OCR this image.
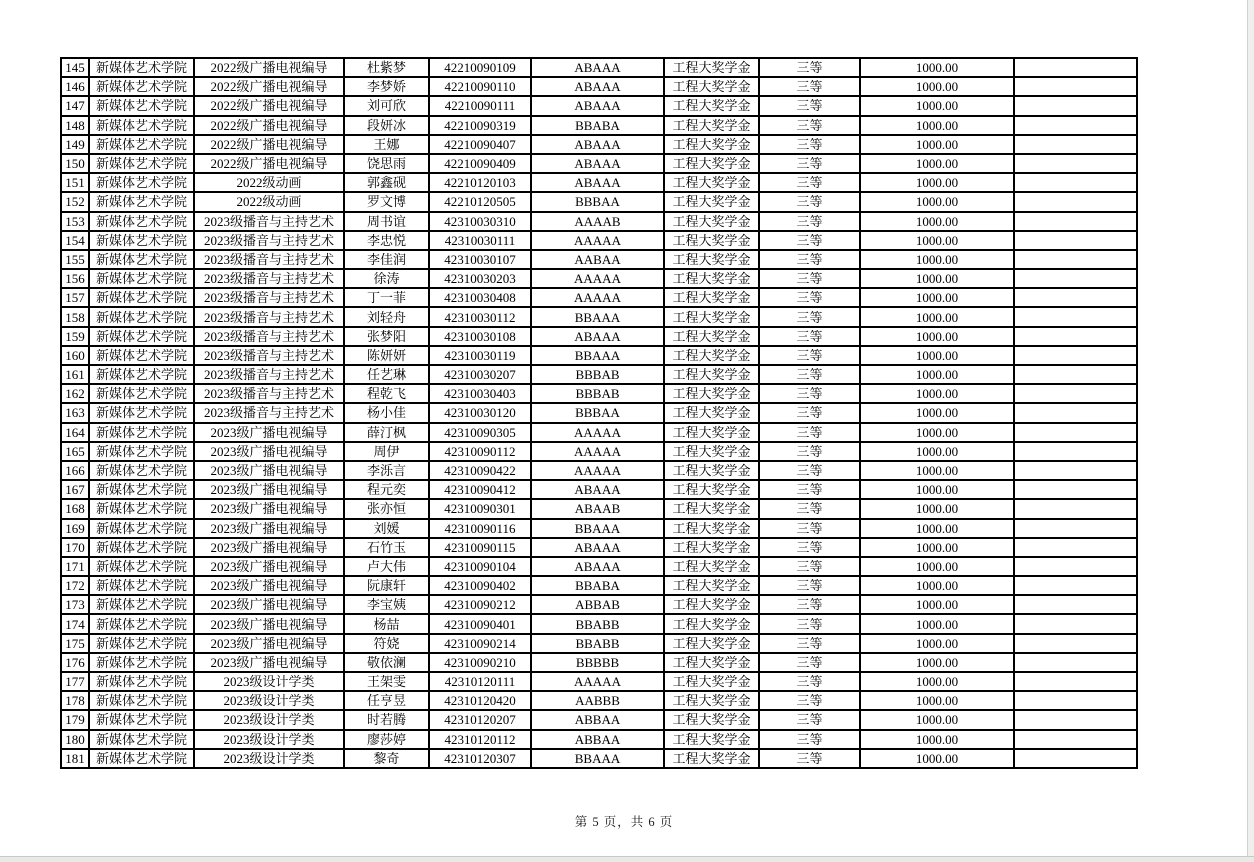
145	新媒体艺术学院	2022级广播电视编导	杜紫梦	42210090109	ABAAA	工程大奖学金	三等	1000.00	
146	新媒体艺术学院	2022级广播电视编导	李梦娇	42210090110	ABAAA	工程大奖学金	三等	1000.00	
147	新媒体艺术学院	2022级广播电视编导	刘可欣	42210090111	ABAAA	工程大奖学金	三等	1000.00	
148	新媒体艺术学院	2022级广播电视编导	段妍冰	42210090319	BBABA	工程大奖学金	三等	1000.00	
149	新媒体艺术学院	2022级广播电视编导	王娜	42210090407	ABAAA	工程大奖学金	三等	1000.00	
150	新媒体艺术学院	2022级广播电视编导	饶思雨	42210090409	ABAAA	工程大奖学金	三等	1000.00	
151	新媒体艺术学院	2022级动画	郭鑫砚	42210120103	ABAAA	工程大奖学金	三等	1000.00	
152	新媒体艺术学院	2022级动画	罗文博	42210120505	BBBAA	工程大奖学金	三等	1000.00	
153	新媒体艺术学院	2023级播音与主持艺术	周书谊	42310030310	AAAAB	工程大奖学金	三等	1000.00	
154	新媒体艺术学院	2023级播音与主持艺术	李忠悦	42310030111	AAAAA	工程大奖学金	三等	1000.00	
155	新媒体艺术学院	2023级播音与主持艺术	李佳润	42310030107	AABAA	工程大奖学金	三等	1000.00	
156	新媒体艺术学院	2023级播音与主持艺术	徐涛	42310030203	AAAAA	工程大奖学金	三等	1000.00	
157	新媒体艺术学院	2023级播音与主持艺术	丁一菲	42310030408	AAAAA	工程大奖学金	三等	1000.00	
158	新媒体艺术学院	2023级播音与主持艺术	刘轻舟	42310030112	BBAAA	工程大奖学金	三等	1000.00	
159	新媒体艺术学院	2023级播音与主持艺术	张梦阳	42310030108	ABAAA	工程大奖学金	三等	1000.00	
160	新媒体艺术学院	2023级播音与主持艺术	陈妍妍	42310030119	BBAAA	工程大奖学金	三等	1000.00	
161	新媒体艺术学院	2023级播音与主持艺术	任艺琳	42310030207	BBBAB	工程大奖学金	三等	1000.00	
162	新媒体艺术学院	2023级播音与主持艺术	程乾飞	42310030403	BBBAB	工程大奖学金	三等	1000.00	
163	新媒体艺术学院	2023级播音与主持艺术	杨小佳	42310030120	BBBAA	工程大奖学金	三等	1000.00	
164	新媒体艺术学院	2023级广播电视编导	薛汀枫	42310090305	AAAAA	工程大奖学金	三等	1000.00	
165	新媒体艺术学院	2023级广播电视编导	周伊	42310090112	AAAAA	工程大奖学金	三等	1000.00	
166	新媒体艺术学院	2023级广播电视编导	李泺言	42310090422	AAAAA	工程大奖学金	三等	1000.00	
167	新媒体艺术学院	2023级广播电视编导	程元奕	42310090412	ABAAA	工程大奖学金	三等	1000.00	
168	新媒体艺术学院	2023级广播电视编导	张亦恒	42310090301	ABAAB	工程大奖学金	三等	1000.00	
169	新媒体艺术学院	2023级广播电视编导	刘媛	42310090116	BBAAA	工程大奖学金	三等	1000.00	
170	新媒体艺术学院	2023级广播电视编导	石竹玉	42310090115	ABAAA	工程大奖学金	三等	1000.00	
171	新媒体艺术学院	2023级广播电视编导	卢大伟	42310090104	ABAAA	工程大奖学金	三等	1000.00	
172	新媒体艺术学院	2023级广播电视编导	阮康轩	42310090402	BBABA	工程大奖学金	三等	1000.00	
173	新媒体艺术学院	2023级广播电视编导	李宝姨	42310090212	ABBAB	工程大奖学金	三等	1000.00	
174	新媒体艺术学院	2023级广播电视编导	杨喆	42310090401	BBABB	工程大奖学金	三等	1000.00	
175	新媒体艺术学院	2023级广播电视编导	符娆	42310090214	BBABB	工程大奖学金	三等	1000.00	
176	新媒体艺术学院	2023级广播电视编导	敬依澜	42310090210	BBBBB	工程大奖学金	三等	1000.00	
177	新媒体艺术学院	2023级设计学类	王架雯	42310120111	AAAAA	工程大奖学金	三等	1000.00	
178	新媒体艺术学院	2023级设计学类	任亨昱	42310120420	AABBB	工程大奖学金	三等	1000.00	
179	新媒体艺术学院	2023级设计学类	时若腾	42310120207	ABBAA	工程大奖学金	三等	1000.00	
180	新媒体艺术学院	2023级设计学类	廖莎婷	42310120112	ABBAA	工程大奖学金	三等	1000.00	
181	新媒体艺术学院	2023级设计学类	黎奇	42310120307	BBAAA	工程大奖学金	三等	1000.00	
第 5 页，共 6 页
